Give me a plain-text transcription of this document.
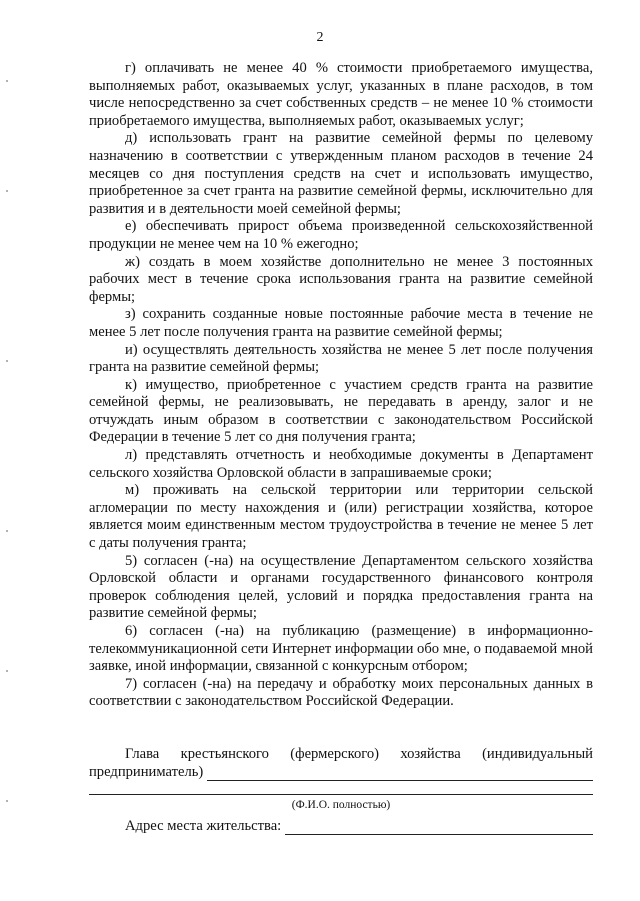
2

г) оплачивать не менее 40 % стоимости приобретаемого имущества, выполняемых работ, оказываемых услуг, указанных в плане расходов, в том числе непосредственно за счет собственных средств – не менее 10 % стоимости приобретаемого имущества, выполняемых работ, оказываемых услуг;

д) использовать грант на развитие семейной фермы по целевому назначению в соответствии с утвержденным планом расходов в течение 24 месяцев со дня поступления средств на счет и использовать имущество, приобретенное за счет гранта на развитие семейной фермы, исключительно для развития и в деятельности моей семейной фермы;

е) обеспечивать прирост объема произведенной сельскохозяйственной продукции не менее чем на 10 % ежегодно;

ж) создать в моем хозяйстве дополнительно не менее 3 постоянных рабочих мест в течение срока использования гранта на развитие семейной фермы;

з) сохранить созданные новые постоянные рабочие места в течение не менее 5 лет после получения гранта на развитие семейной фермы;

и) осуществлять деятельность хозяйства не менее 5 лет после получения гранта на развитие семейной фермы;

к) имущество, приобретенное с участием средств гранта на развитие семейной фермы, не реализовывать, не передавать в аренду, залог и не отчуждать иным образом в соответствии с законодательством Российской Федерации в течение 5 лет со дня получения гранта;

л) представлять отчетность и необходимые документы в Департамент сельского хозяйства Орловской области в запрашиваемые сроки;

м) проживать на сельской территории или территории сельской агломерации по месту нахождения и (или) регистрации хозяйства, которое является моим единственным местом трудоустройства в течение не менее 5 лет с даты получения гранта;

5) согласен (-на) на осуществление Департаментом сельского хозяйства Орловской области и органами государственного финансового контроля проверок соблюдения целей, условий и порядка предоставления гранта на развитие семейной фермы;

6) согласен (-на) на публикацию (размещение) в информационно-телекоммуникационной сети Интернет информации обо мне, о подаваемой мной заявке, иной информации, связанной с конкурсным отбором;

7) согласен (-на) на передачу и обработку моих персональных данных в соответствии с законодательством Российской Федерации.

Глава крестьянского (фермерского) хозяйства (индивидуальный
предприниматель)
(Ф.И.О. полностью)
Адрес места жительства:
